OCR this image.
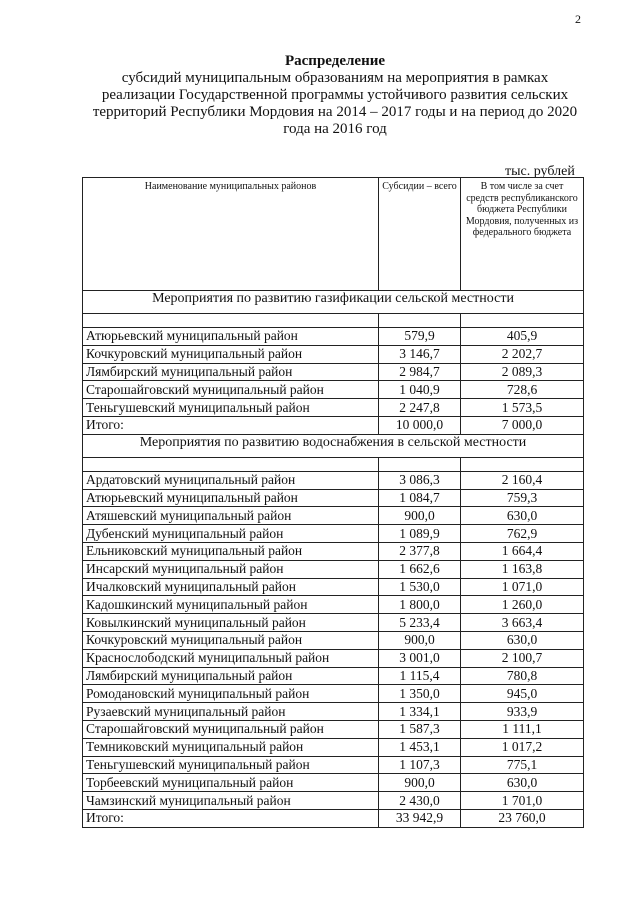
2
Распределение
субсидий муниципальным образованиям на мероприятия в рамках
реализации Государственной программы устойчивого развития сельских
территорий Республики Мордовия на 2014 – 2017 годы и на период до 2020
года на 2016 год
тыс. рублей
Наименование муниципальных районов	Субсидии – всего	В том числе за счет средств республиканского бюджета Республики Мордовия, полученных из федерального бюджета
Мероприятия по развитию газификации сельской местности		

Атюрьевский муниципальный район	579,9	405,9
Кочкуровский муниципальный район	3 146,7	2 202,7
Лямбирский муниципальный район	2 984,7	2 089,3
Старошайговский муниципальный район	1 040,9	728,6
Теньгушевский муниципальный район	2 247,8	1 573,5
Итого:	10 000,0	7 000,0
Мероприятия по развитию водоснабжения в сельской местности		

Ардатовский муниципальный район	3 086,3	2 160,4
Атюрьевский муниципальный район	1 084,7	759,3
Атяшевский муниципальный район	900,0	630,0
Дубенский муниципальный район	1 089,9	762,9
Ельниковский муниципальный район	2 377,8	1 664,4
Инсарский муниципальный район	1 662,6	1 163,8
Ичалковский муниципальный район	1 530,0	1 071,0
Кадошкинский муниципальный район	1 800,0	1 260,0
Ковылкинский муниципальный район	5 233,4	3 663,4
Кочкуровский муниципальный район	900,0	630,0
Краснослободский муниципальный район	3 001,0	2 100,7
Лямбирский муниципальный район	1 115,4	780,8
Ромодановский муниципальный район	1 350,0	945,0
Рузаевский муниципальный район	1 334,1	933,9
Старошайговский муниципальный район	1 587,3	1 111,1
Темниковский муниципальный район	1 453,1	1 017,2
Теньгушевский муниципальный район	1 107,3	775,1
Торбеевский муниципальный район	900,0	630,0
Чамзинский муниципальный район	2 430,0	1 701,0
Итого:	33 942,9	23 760,0
